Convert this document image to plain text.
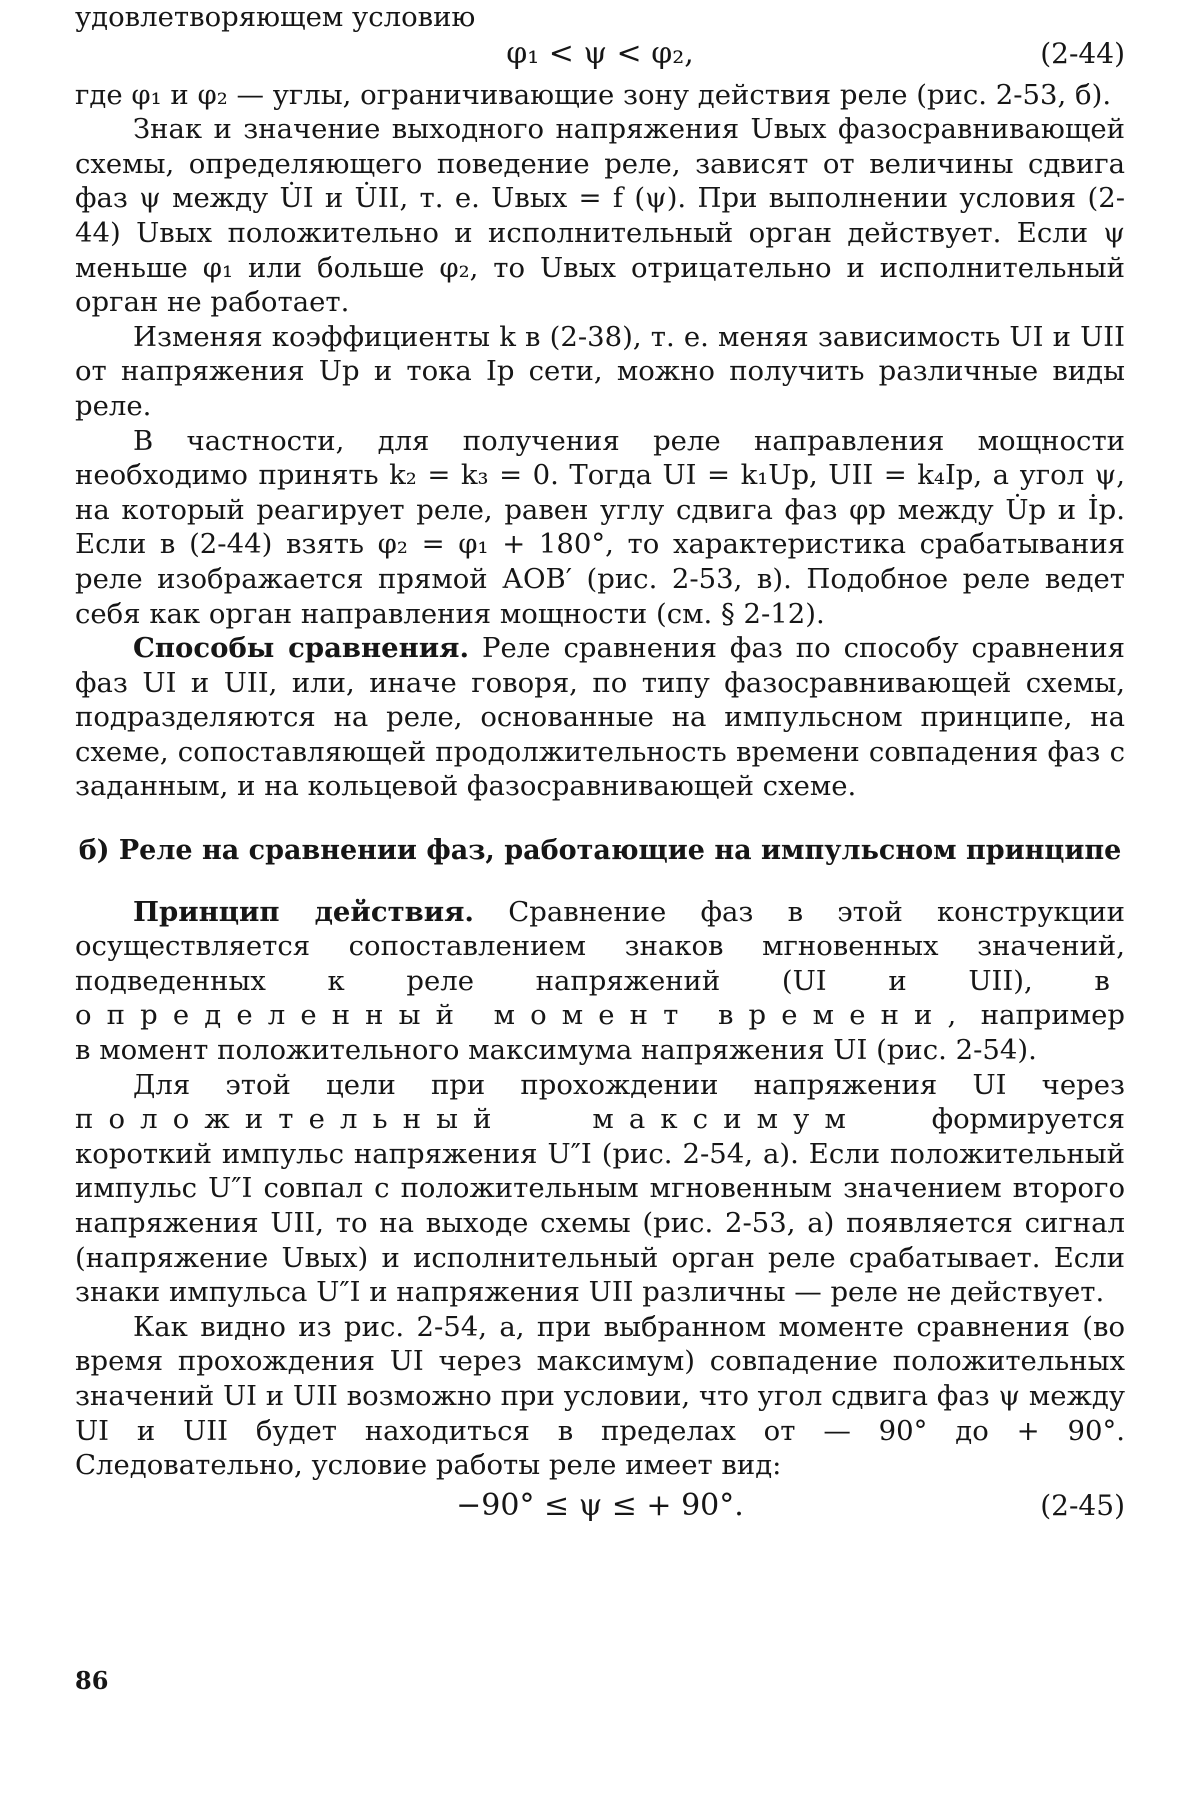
удовлетворяющем условию

φ₁ < ψ < φ₂,	(2-44)

где φ₁ и φ₂ — углы, ограничивающие зону действия реле (рис. 2-53, б).

Знак и значение выходного напряжения Uвых фазосравнивающей схемы, определяющего поведение реле, зависят от величины сдвига фаз ψ между U̇I и U̇II, т. е. Uвых = f (ψ). При выполнении условия (2-44) Uвых положительно и исполнительный орган действует. Если ψ меньше φ₁ или больше φ₂, то Uвых отрицательно и исполнительный орган не работает.

Изменяя коэффициенты k в (2-38), т. е. меняя зависимость UI и UII от напряжения Uр и тока Iр сети, можно получить различные виды реле.

В частности, для получения реле направления мощности необходимо принять k₂ = k₃ = 0. Тогда UI = k₁Uр, UII = k₄Iр, а угол ψ, на который реагирует реле, равен углу сдвига фаз φр между U̇р и İр. Если в (2-44) взять φ₂ = φ₁ + 180°, то характеристика срабатывания реле изображается прямой АОВ′ (рис. 2-53, в). Подобное реле ведет себя как орган направления мощности (см. § 2-12).

Способы сравнения. Реле сравнения фаз по способу сравнения фаз UI и UII, или, иначе говоря, по типу фазосравнивающей схемы, подразделяются на реле, основанные на импульсном принципе, на схеме, сопоставляющей продолжительность времени совпадения фаз с заданным, и на кольцевой фазосравнивающей схеме.

б) Реле на сравнении фаз, работающие на импульсном принципе

Принцип действия. Сравнение фаз в этой конструкции осуществляется сопоставлением знаков мгновенных значений, подведенных к реле напряжений (UI и UII), в определенный момент времени, например в момент положительного максимума напряжения UI (рис. 2-54).

Для этой цели при прохождении напряжения UI через положительный максимум	формируется короткий импульс напряжения U″I (рис. 2-54, а). Если положительный импульс U″I совпал с положительным мгновенным значением второго напряжения UII, то на выходе схемы (рис. 2-53, а) появляется сигнал (напряжение Uвых) и исполнительный орган реле срабатывает. Если знаки импульса U″I и напряжения UII различны — реле не действует.

Как видно из рис. 2-54, а, при выбранном моменте сравнения (во время прохождения UI через максимум) совпадение положительных значений UI и UII возможно при условии, что угол сдвига фаз ψ между UI и UII будет находиться в пределах от — 90° до + 90°. Следовательно, условие работы реле имеет вид:

−90° ≤ ψ ≤ + 90°.	(2-45)
86
